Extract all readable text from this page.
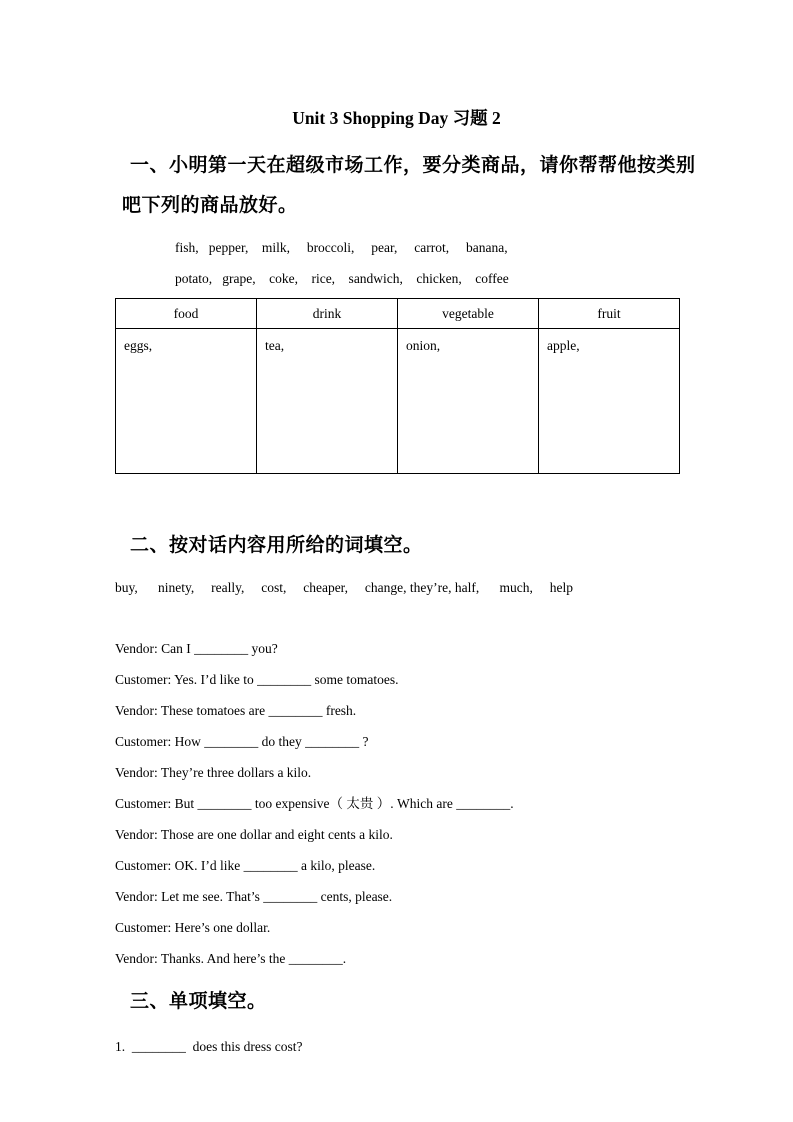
Unit 3 Shopping Day 习题 2
一、小明第一天在超级市场工作，要分类商品，请你帮帮他按类别
吧下列的商品放好。
fish,   pepper,    milk,     broccoli,     pear,     carrot,     banana,
potato,   grape,    coke,    rice,    sandwich,    chicken,    coffee
food	drink	vegetable	fruit
eggs,	tea,	onion,	apple,
二、按对话内容用所给的词填空。
buy,      ninety,     really,     cost,     cheaper,     change, they’re, half,      much,     help
Vendor: Can I ________ you?
Customer: Yes. I’d like to ________ some tomatoes.
Vendor: These tomatoes are ________ fresh.
Customer: How ________ do they ________ ?
Vendor: They’re three dollars a kilo.
Customer: But ________ too expensive（ 太贵 ）. Which are ________.
Vendor: Those are one dollar and eight cents a kilo.
Customer: OK. I’d like ________ a kilo, please.
Vendor: Let me see. That’s ________ cents, please.
Customer: Here’s one dollar.
Vendor: Thanks. And here’s the ________.
三、单项填空。
1.  ________  does this dress cost?
